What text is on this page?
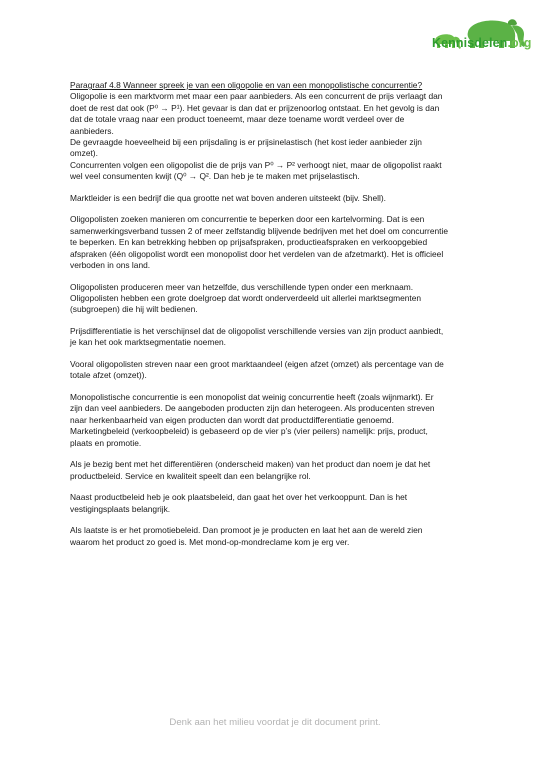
Kennisdelen.org

Paragraaf 4.8 Wanneer spreek je van een oligopolie en van een monopolistische concurrentie?
Oligopolie is een marktvorm met maar een paar aanbieders. Als een concurrent de prijs verlaagt dan
doet de rest dat ook (P⁰ → P¹). Het gevaar is dan dat er prijzenoorlog ontstaat. En het gevolg is dan
dat de totale vraag naar een product toeneemt, maar deze toename wordt verdeel over de
aanbieders.
De gevraagde hoeveelheid bij een prijsdaling is er prijsinelastisch (het kost ieder aanbieder zijn
omzet).
Concurrenten volgen een oligopolist die de prijs van P⁰ → P² verhoogt niet, maar de oligopolist raakt
wel veel consumenten kwijt (Q⁰ → Q². Dan heb je te maken met prijselastisch.

Marktleider is een bedrijf die qua grootte net wat boven anderen uitsteekt (bijv. Shell).

Oligopolisten zoeken manieren om concurrentie te beperken door een kartelvorming. Dat is een
samenwerkingsverband tussen 2 of meer zelfstandig blijvende bedrijven met het doel om concurrentie
te beperken. En kan betrekking hebben op prijsafspraken, productieafspraken en verkoopgebied
afspraken (één oligopolist wordt een monopolist door het verdelen van de afzetmarkt). Het is officieel
verboden in ons land.

Oligopolisten produceren meer van hetzelfde, dus verschillende typen onder een merknaam.
Oligopolisten hebben een grote doelgroep dat wordt onderverdeeld uit allerlei marktsegmenten
(subgroepen) die hij wilt bedienen.

Prijsdifferentiatie is het verschijnsel dat de oligopolist verschillende versies van zijn product aanbiedt,
je kan het ook marktsegmentatie noemen.

Vooral oligopolisten streven naar een groot marktaandeel (eigen afzet (omzet) als percentage van de
totale afzet (omzet)).

Monopolistische concurrentie is een monopolist dat weinig concurrentie heeft (zoals wijnmarkt). Er
zijn dan veel aanbieders. De aangeboden producten zijn dan heterogeen. Als producenten streven
naar herkenbaarheid van eigen producten dan wordt dat productdifferentiatie genoemd.
Marketingbeleid (verkoopbeleid) is gebaseerd op de vier p’s (vier peilers) namelijk: prijs, product,
plaats en promotie.

Als je bezig bent met het differentiëren (onderscheid maken) van het product dan noem je dat het
productbeleid. Service en kwaliteit speelt dan een belangrijke rol.

Naast productbeleid heb je ook plaatsbeleid, dan gaat het over het verkooppunt. Dan is het
vestigingsplaats belangrijk.

Als laatste is er het promotiebeleid. Dan promoot je je producten en laat het aan de wereld zien
waarom het product zo goed is. Met mond-op-mondreclame kom je erg ver.

Denk aan het milieu voordat je dit document print.
